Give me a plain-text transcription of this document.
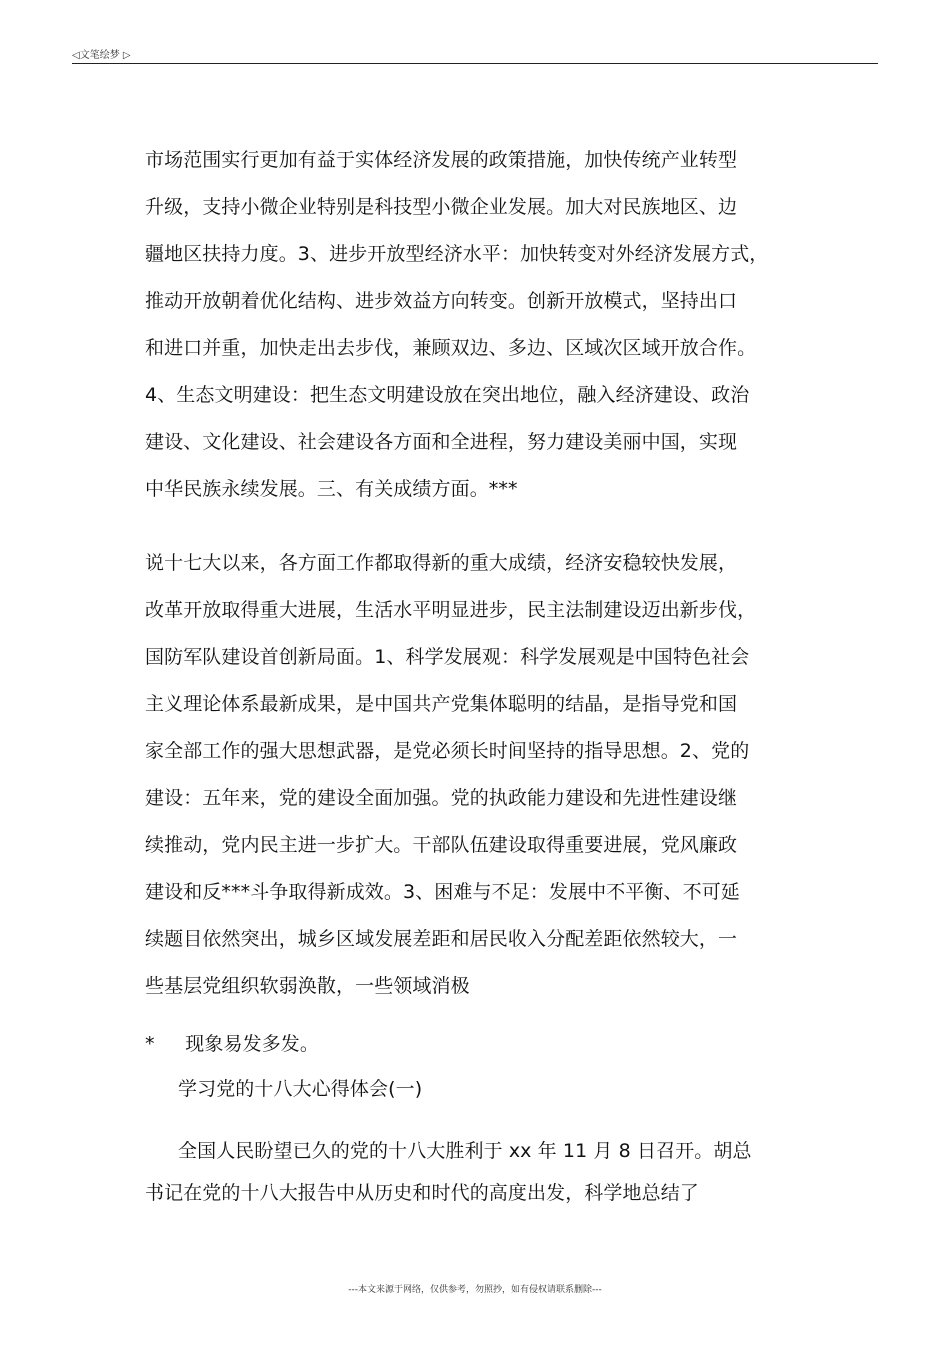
◁文笔绘梦 ▷
市场范围实行更加有益于实体经济发展的政策措施，加快传统产业转型
升级，支持小微企业特别是科技型小微企业发展。加大对民族地区、边
疆地区扶持力度。3、进步开放型经济水平：加快转变对外经济发展方式，
推动开放朝着优化结构、进步效益方向转变。创新开放模式，坚持出口
和进口并重，加快走出去步伐，兼顾双边、多边、区域次区域开放合作。
4、生态文明建设：把生态文明建设放在突出地位，融入经济建设、政治
建设、文化建设、社会建设各方面和全进程，努力建设美丽中国，实现
中华民族永续发展。三、有关成绩方面。***
说十七大以来，各方面工作都取得新的重大成绩，经济安稳较快发展，
改革开放取得重大进展，生活水平明显进步，民主法制建设迈出新步伐，
国防军队建设首创新局面。1、科学发展观：科学发展观是中国特色社会
主义理论体系最新成果，是中国共产党集体聪明的结晶，是指导党和国
家全部工作的强大思想武器，是党必须长时间坚持的指导思想。2、党的
建设：五年来，党的建设全面加强。党的执政能力建设和先进性建设继
续推动，党内民主进一步扩大。干部队伍建设取得重要进展，党风廉政
建设和反***斗争取得新成效。3、困难与不足：发展中不平衡、不可延
续题目依然突出，城乡区域发展差距和居民收入分配差距依然较大，一
些基层党组织软弱涣散，一些领域消极
*     现象易发多发。
学习党的十八大心得体会(一)
全国人民盼望已久的党的十八大胜利于 xx 年 11 月 8 日召开。胡总
书记在党的十八大报告中从历史和时代的高度出发，科学地总结了
---本文来源于网络，仅供参考，勿照抄，如有侵权请联系删除---
